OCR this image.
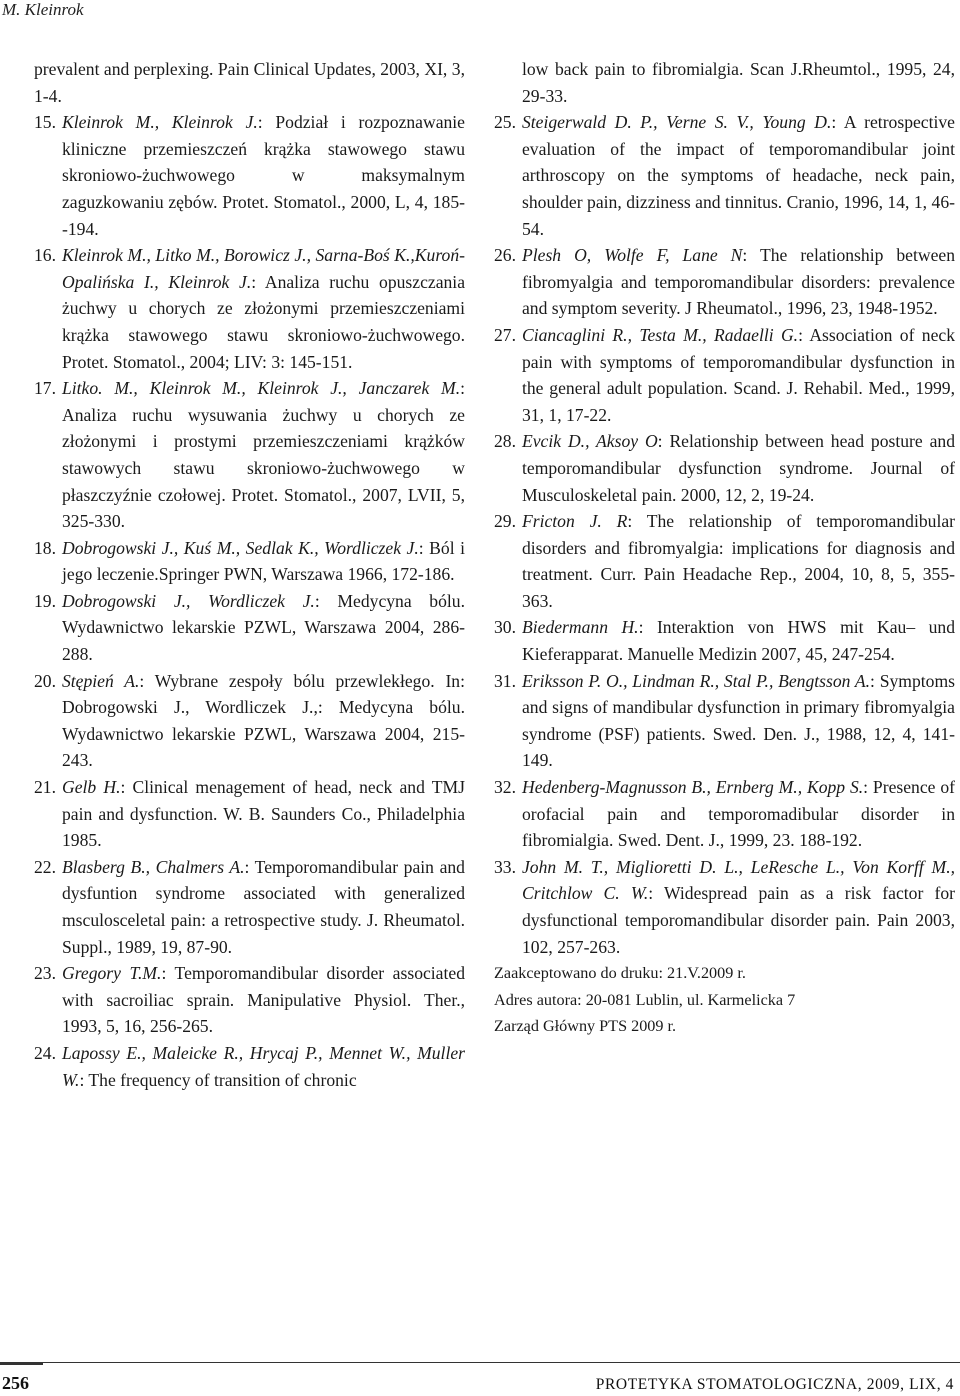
M. Kleinrok

prevalent and perplexing. Pain Clinical Updates, 2003, XI, 3, 1-4.

15. Kleinrok M., Kleinrok J.: Podział i rozpoznawanie kliniczne przemieszczeń krążka stawowego stawu skroniowo-żuchwowego w maksymalnym zaguzkowaniu zębów. Protet. Stomatol., 2000, L, 4, 185--194.

16. Kleinrok M., Litko M., Borowicz J., Sarna-Boś K.,Kuroń-Opalińska I., Kleinrok J.: Analiza ruchu opuszczania żuchwy u chorych ze złożonymi przemieszczeniami krążka stawowego stawu skroniowo-żuchwowego. Protet. Stomatol., 2004; LIV: 3: 145-151.

17. Litko. M., Kleinrok M., Kleinrok J., Janczarek M.: Analiza ruchu wysuwania żuchwy u chorych ze złożonymi i prostymi przemieszczeniami krążków stawowych stawu skroniowo-żuchwowego w płaszczyźnie czołowej. Protet. Stomatol., 2007, LVII, 5, 325-330.

18. Dobrogowski J., Kuś M., Sedlak K., Wordliczek J.: Ból i jego leczenie.Springer PWN, Warszawa 1966, 172-186.

19. Dobrogowski J., Wordliczek J.: Medycyna bólu. Wydawnictwo lekarskie PZWL, Warszawa 2004, 286-288.

20. Stępień A.: Wybrane zespoły bólu przewlekłego. In: Dobrogowski J., Wordliczek J.,: Medycyna bólu. Wydawnictwo lekarskie PZWL, Warszawa 2004, 215-243.

21. Gelb H.: Clinical menagement of head, neck and TMJ pain and dysfunction. W. B. Saunders Co., Philadelphia 1985.

22. Blasberg B., Chalmers A.: Temporomandibular pain and dysfuntion syndrome associated with generalized msculosceletal pain: a retrospective study. J. Rheumatol. Suppl., 1989, 19, 87-90.

23. Gregory T.M.: Temporomandibular disorder associated with sacroiliac sprain. Manipulative Physiol. Ther., 1993, 5, 16, 256-265.

24. Lapossy E., Maleicke R., Hrycaj P., Mennet W., Muller W.: The frequency of transition of chronic

low back pain to fibromialgia. Scan J.Rheumtol., 1995, 24, 29-33.

25. Steigerwald D. P., Verne S. V., Young D.: A retrospective evaluation of the impact of temporomandibular joint arthroscopy on the symptoms of headache, neck pain, shoulder pain, dizziness and tinnitus. Cranio, 1996, 14, 1, 46-54.

26. Plesh O, Wolfe F, Lane N: The relationship between fibromyalgia and temporomandibular disorders: prevalence and symptom severity. J Rheumatol., 1996, 23, 1948-1952.

27. Ciancaglini R., Testa M., Radaelli G.: Association of neck pain with symptoms of temporomandibular dysfunction in the general adult population. Scand. J. Rehabil. Med., 1999, 31, 1, 17-22.

28. Evcik D., Aksoy O: Relationship between head posture and temporomandibular dysfunction syndrome. Journal of Musculoskeletal pain. 2000, 12, 2, 19-24.

29. Fricton J. R: The relationship of temporomandibular disorders and fibromyalgia: implications for diagnosis and treatment. Curr. Pain Headache Rep., 2004, 10, 8, 5, 355-363.

30. Biedermann H.: Interaktion von HWS mit Kau– und Kieferapparat. Manuelle Medizin 2007, 45, 247-254.

31. Eriksson P. O., Lindman R., Stal P., Bengtsson A.: Symptoms and signs of mandibular dysfunction in primary fibromyalgia syndrome (PSF) patients. Swed. Den. J., 1988, 12, 4, 141-149.

32. Hedenberg-Magnusson B., Ernberg M., Kopp S.: Presence of orofacial pain and temporomadibular disorder in fibromialgia. Swed. Dent. J., 1999, 23. 188-192.

33. John M. T., Miglioretti D. L., LeResche L., Von Korff M., Critchlow C. W.: Widespread pain as a risk factor for dysfunctional temporomandibular disorder pain. Pain 2003, 102, 257-263.

Zaakceptowano do druku: 21.V.2009 r.

Adres autora: 20-081 Lublin, ul. Karmelicka 7

Zarząd Główny PTS 2009 r.

256	PROTETYKA STOMATOLOGICZNA, 2009, LIX, 4
